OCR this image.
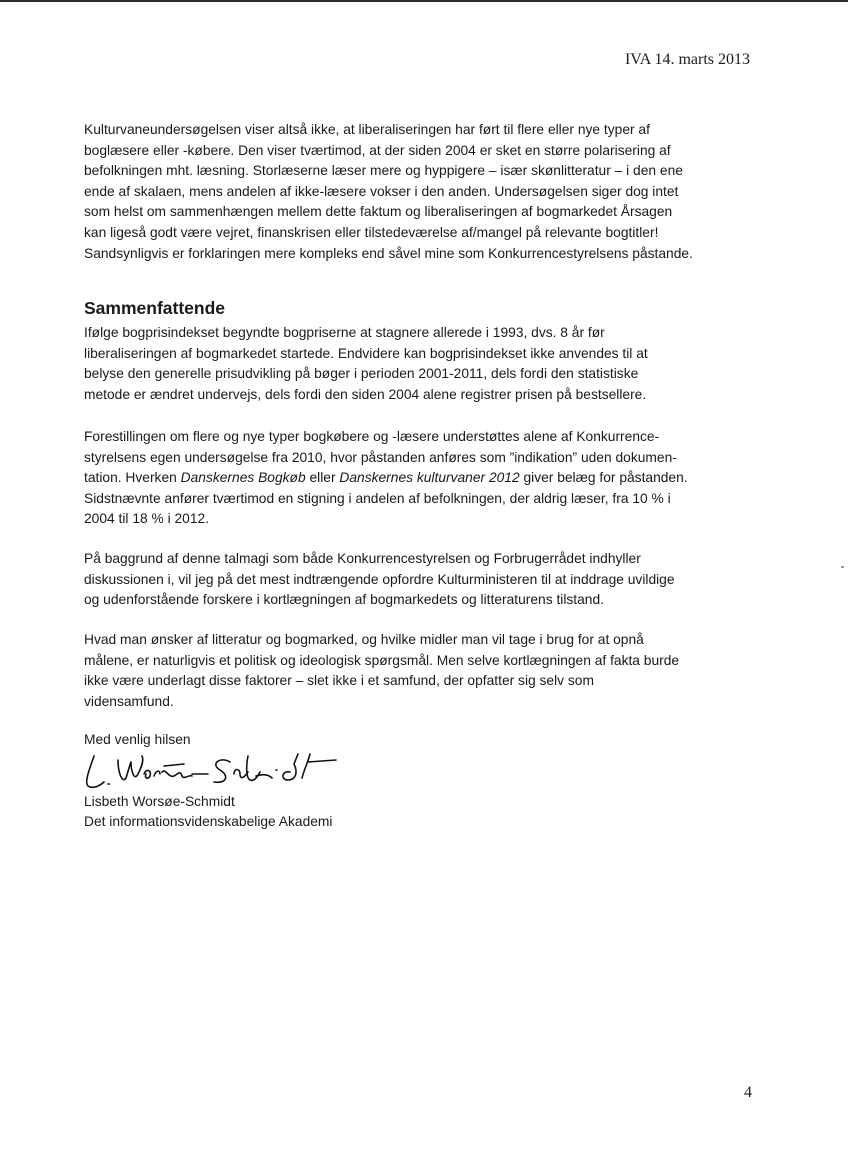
IVA 14. marts 2013

Kulturvaneundersøgelsen viser altså ikke, at liberaliseringen har ført til flere eller nye typer af

boglæsere eller -købere. Den viser tværtimod, at der siden 2004 er sket en større polarisering af

befolkningen mht. læsning. Storlæserne læser mere og hyppigere – især skønlitteratur – i den ene

ende af skalaen, mens andelen af ikke-læsere vokser i den anden. Undersøgelsen siger dog intet

som helst om sammenhængen mellem dette faktum og liberaliseringen af bogmarkedet Årsagen

kan ligeså godt være vejret, finanskrisen eller tilstedeværelse af/mangel på relevante bogtitler!

Sandsynligvis er forklaringen mere kompleks end såvel mine som Konkurrencestyrelsens påstande.

Sammenfattende

Ifølge bogprisindekset begyndte bogpriserne at stagnere allerede i 1993, dvs. 8 år før

liberaliseringen af bogmarkedet startede. Endvidere kan bogprisindekset ikke anvendes til at

belyse den generelle prisudvikling på bøger i perioden 2001-2011, dels fordi den statistiske

metode er ændret undervejs, dels fordi den siden 2004 alene registrer prisen på bestsellere.

Forestillingen om flere og nye typer bogkøbere og -læsere understøttes alene af Konkurrence-

styrelsens egen undersøgelse fra 2010, hvor påstanden anføres som ”indikation” uden dokumen-

tation. Hverken Danskernes Bogkøb eller Danskernes kulturvaner 2012 giver belæg for påstanden.

Sidstnævnte anfører tværtimod en stigning i andelen af befolkningen, der aldrig læser, fra 10 % i

2004 til 18 % i 2012.

På baggrund af denne talmagi som både Konkurrencestyrelsen og Forbrugerrådet indhyller

diskussionen i, vil jeg på det mest indtrængende opfordre Kulturministeren til at inddrage uvildige

og udenforstående forskere i kortlægningen af bogmarkedets og litteraturens tilstand.

Hvad man ønsker af litteratur og bogmarked, og hvilke midler man vil tage i brug for at opnå

målene, er naturligvis et politisk og ideologisk spørgsmål. Men selve kortlægningen af fakta burde

ikke være underlagt disse faktorer – slet ikke i et samfund, der opfatter sig selv som

vidensamfund.

Med venlig hilsen
Lisbeth Worsøe-Schmidt
Det informationsvidenskabelige Akademi
4
